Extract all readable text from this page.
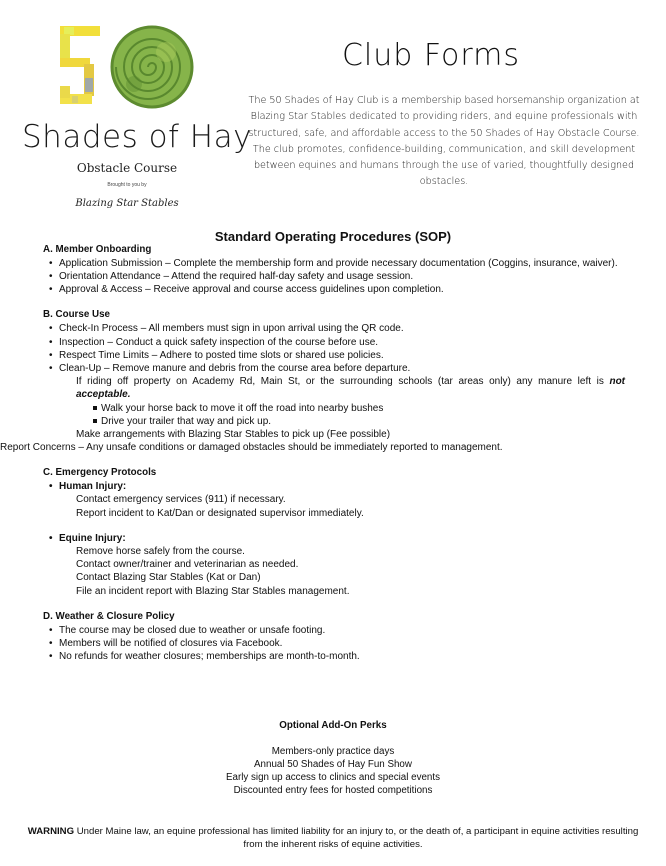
Shades of Hay
Obstacle Course
Brought to you by
Blazing Star Stables
Club Forms
The 50 Shades of Hay Club is a membership based horsemanship organization at Blazing Star Stables dedicated to providing riders, and equine professionals with structured, safe, and affordable access to the 50 Shades of Hay Obstacle Course. The club promotes, confidence-building, communication, and skill development between equines and humans through the use of varied, thoughtfully designed obstacles.
Standard Operating Procedures (SOP)
A. Member Onboarding
• Application Submission – Complete the membership form and provide necessary documentation (Coggins, insurance, waiver).
• Orientation Attendance – Attend the required half-day safety and usage session.
• Approval & Access – Receive approval and course access guidelines upon completion.
B. Course Use
• Check-In Process – All members must sign in upon arrival using the QR code.
• Inspection – Conduct a quick safety inspection of the course before use.
• Respect Time Limits – Adhere to posted time slots or shared use policies.
• Clean-Up – Remove manure and debris from the course area before departure.
If riding off property on Academy Rd, Main St, or the surrounding schools (tar areas only) any manure left is not acceptable.
Walk your horse back to move it off the road into nearby bushes
Drive your trailer that way and pick up.
Make arrangements with Blazing Star Stables to pick up (Fee possible)
Report Concerns – Any unsafe conditions or damaged obstacles should be immediately reported to management.
C. Emergency Protocols
• Human Injury:
Contact emergency services (911) if necessary.
Report incident to Kat/Dan or designated supervisor immediately.
• Equine Injury:
Remove horse safely from the course.
Contact owner/trainer and veterinarian as needed.
Contact Blazing Star Stables (Kat or Dan)
File an incident report with Blazing Star Stables management.
D. Weather & Closure Policy
• The course may be closed due to weather or unsafe footing.
• Members will be notified of closures via Facebook.
• No refunds for weather closures; memberships are month-to-month.
Optional Add-On Perks
Members-only practice days
Annual 50 Shades of Hay Fun Show
Early sign up access to clinics and special events
Discounted entry fees for hosted competitions
WARNING Under Maine law, an equine professional has limited liability for an injury to, or the death of, a participant in equine activities resulting from the inherent risks of equine activities.
